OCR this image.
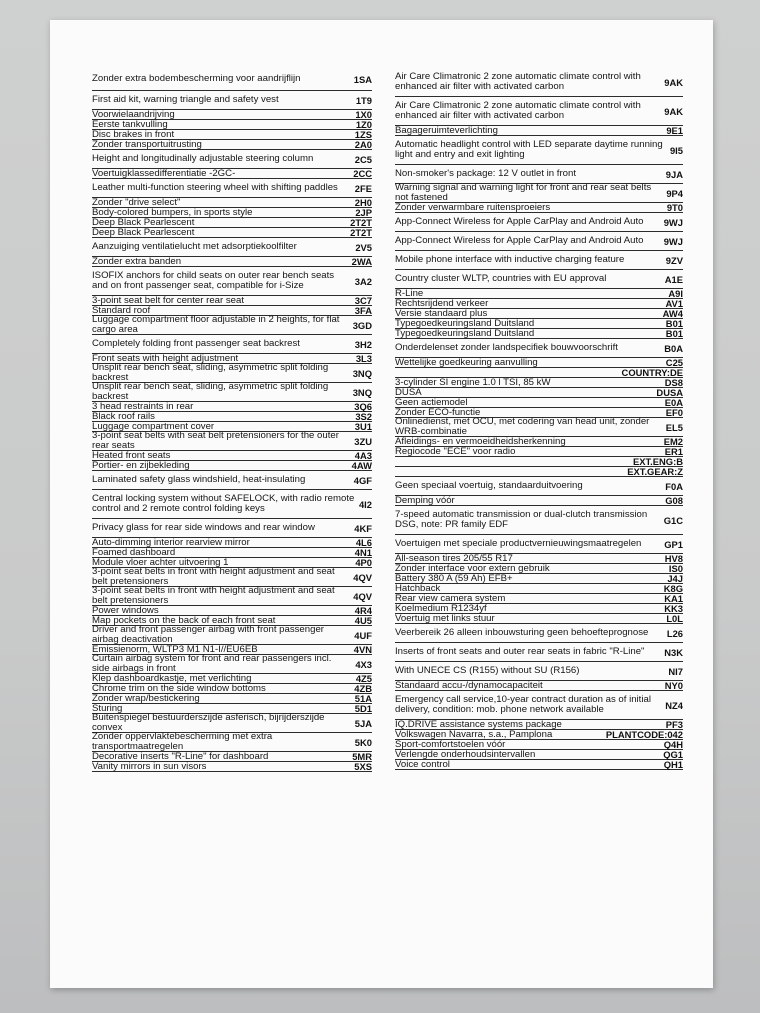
Zonder extra bodembescherming voor aandrijflijn	1SA
First aid kit, warning triangle and safety vest	1T9
Voorwielaandrijving	1X0
Eerste tankvulling	1Z0
Disc brakes in front	1ZS
Zonder transportuitrusting	2A0
Height and longitudinally adjustable steering column	2C5
Voertuigklassedifferentiatie -2GC-	2CC
Leather multi-function steering wheel with shifting paddles	2FE
Zonder "drive select"	2H0
Body-colored bumpers, in sports style	2JP
Deep Black Pearlescent	2T2T
Deep Black Pearlescent	2T2T
Aanzuiging ventilatielucht met adsorptiekoolfilter	2V5
Zonder extra banden	2WA
ISOFIX anchors for child seats on outer rear bench seats and on front passenger seat, compatible for i-Size	3A2
3-point seat belt for center rear seat	3C7
Standard roof	3FA
Luggage compartment floor adjustable in 2 heights, for flat cargo area	3GD
Completely folding front passenger seat backrest	3H2
Front seats with height adjustment	3L3
Unsplit rear bench seat, sliding, asymmetric split folding backrest	3NQ
Unsplit rear bench seat, sliding, asymmetric split folding backrest	3NQ
3 head restraints in rear	3Q6
Black roof rails	3S2
Luggage compartment cover	3U1
3-point seat belts with seat belt pretensioners for the outer rear seats	3ZU
Heated front seats	4A3
Portier- en zijbekleding	4AW
Laminated safety glass windshield, heat-insulating	4GF
Central locking system without SAFELOCK, with radio remote control and 2 remote control folding keys	4I2
Privacy glass for rear side windows and rear window	4KF
Auto-dimming interior rearview mirror	4L6
Foamed dashboard	4N1
Module vloer achter uitvoering 1	4P0
3-point seat belts in front with height adjustment and seat belt pretensioners	4QV
3-point seat belts in front with height adjustment and seat belt pretensioners	4QV
Power windows	4R4
Map pockets on the back of each front seat	4U5
Driver and front passenger airbag with front passenger airbag deactivation	4UF
Emissienorm, WLTP3 M1 N1-I//EU6EB	4VN
Curtain airbag system for front and rear passengers incl. side airbags in front	4X3
Klep dashboardkastje, met verlichting	4Z5
Chrome trim on the side window bottoms	4ZB
Zonder wrap/bestickering	51A
Sturing	5D1
Buitenspiegel bestuurderszijde asferisch, bijrijderszijde convex	5JA
Zonder oppervlaktebescherming met extra transportmaatregelen	5K0
Decorative inserts "R-Line" for dashboard	5MR
Vanity mirrors in sun visors	5XS
Air Care Climatronic 2 zone automatic climate control with enhanced air filter with activated carbon	9AK
Air Care Climatronic 2 zone automatic climate control with enhanced air filter with activated carbon	9AK
Bagageruimteverlichting	9E1
Automatic headlight control with LED separate daytime running light and entry and exit lighting	9I5
Non-smoker's package: 12 V outlet in front	9JA
Warning signal and warning light for front and rear seat belts not fastened	9P4
Zonder verwarmbare ruitensproeiers	9T0
App-Connect Wireless for Apple CarPlay and Android Auto	9WJ
App-Connect Wireless for Apple CarPlay and Android Auto	9WJ
Mobile phone interface with inductive charging feature	9ZV
Country cluster WLTP, countries with EU approval	A1E
R-Line	A9I
Rechtsrijdend verkeer	AV1
Versie standaard plus	AW4
Typegoedkeuringsland Duitsland	B01
Typegoedkeuringsland Duitsland	B01
Onderdelenset zonder landspecifiek bouwvoorschrift	B0A
Wettelijke goedkeuring aanvulling	C25
COUNTRY:DE
3-cylinder SI engine 1.0 l TSI, 85 kW	DS8
DUSA	DUSA
Geen actiemodel	E0A
Zonder ECO-functie	EF0
Onlinedienst, met OCU, met codering van head unit, zonder WRB-combinatie	EL5
Afleidings- en vermoeidheidsherkenning	EM2
Regiocode "ECE" voor radio	ER1
EXT.ENG:B
EXT.GEAR:Z
Geen speciaal voertuig, standaarduitvoering	F0A
Demping vóór	G08
7-speed automatic transmission or dual-clutch transmission DSG, note: PR family EDF	G1C
Voertuigen met speciale productvernieuwingsmaatregelen	GP1
All-season tires 205/55 R17	HV8
Zonder interface voor extern gebruik	IS0
Battery 380 A (59 Ah) EFB+	J4J
Hatchback	K8G
Rear view camera system	KA1
Koelmedium R1234yf	KK3
Voertuig met links stuur	L0L
Veerbereik 26 alleen inbouwsturing geen behoefteprognose	L26
Inserts of front seats and outer rear seats in fabric "R-Line"	N3K
With UNECE CS (R155) without SU (R156)	NI7
Standaard accu-/dynamocapaciteit	NY0
Emergency call service,10-year contract duration as of initial delivery, condition: mob. phone network available	NZ4
IQ.DRIVE assistance systems package	PF3
Volkswagen Navarra, s.a., Pamplona	PLANTCODE:042
Sport-comfortstoelen vóór	Q4H
Verlengde onderhoudsintervallen	QG1
Voice control	QH1
